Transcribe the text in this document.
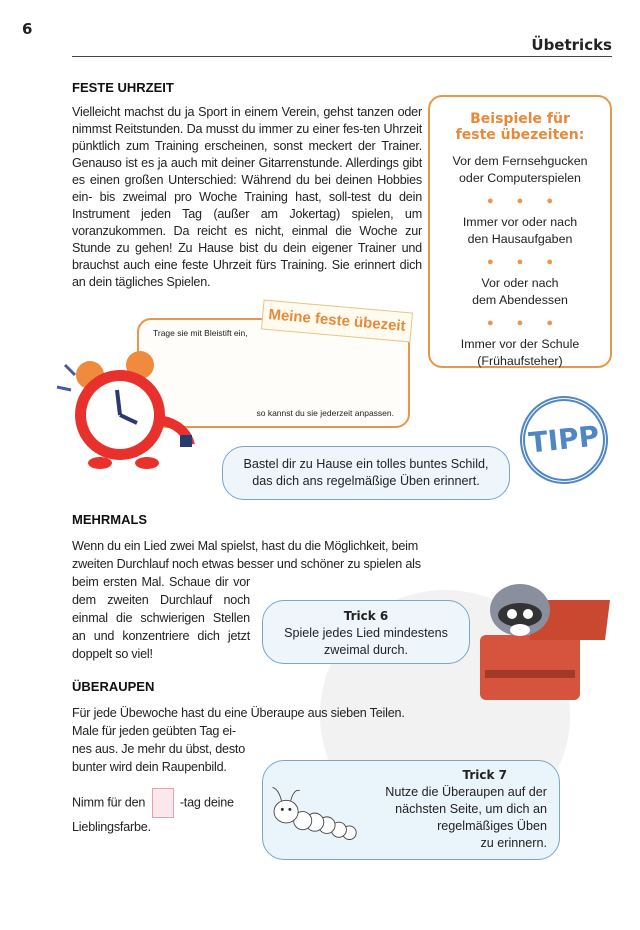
6
Übetricks
FESTE UHRZEIT
Vielleicht machst du ja Sport in einem Verein, gehst tanzen oder nimmst Reitstunden. Da musst du immer zu einer fes-ten Uhrzeit pünktlich zum Training erscheinen, sonst meckert der Trainer. Genauso ist es ja auch mit deiner Gitarrenstunde. Allerdings gibt es einen großen Unterschied: Während du bei deinen Hobbies ein- bis zweimal pro Woche Training hast, soll-test du dein Instrument jeden Tag (außer am Jokertag) spielen, um voranzukommen. Da reicht es nicht, einmal die Woche zur Stunde zu gehen! Zu Hause bist du dein eigener Trainer und brauchst auch eine feste Uhrzeit fürs Training. Sie erinnert dich an dein tägliches Spielen.
Beispiele für
feste übezeiten:
Vor dem Fernsehgucken
oder Computerspielen
● ● ●
Immer vor oder nach
den Hausaufgaben
● ● ●
Vor oder nach
dem Abendessen
● ● ●
Immer vor der Schule
(Frühaufsteher)
Trage sie mit Bleistift ein,
so kannst du sie jederzeit anpassen.
Meine feste übezeit
Bastel dir zu Hause ein tolles buntes Schild,
das dich ans regelmäßige Üben erinnert.
TIPP
MEHRMALS
Wenn du ein Lied zwei Mal spielst, hast du die Möglichkeit, beim zweiten Durchlauf noch etwas besser und schöner zu spielen als
beim ersten Mal. Schaue dir vor dem zweiten Durchlauf noch einmal die schwierigen Stellen an und konzentriere dich jetzt doppelt so viel!
ÜBERAUPEN
Für jede Übewoche hast du eine Überaupe aus sieben Teilen.
Male für jeden geübten Tag ei-nes aus. Je mehr du übst, desto bunter wird dein Raupenbild.
Nimm für den	-tag deine
Lieblingsfarbe.
Trick 6
Spiele jedes Lied mindestens
zweimal durch.
Trick 7
Nutze die Überaupen auf der
nächsten Seite, um dich an
regelmäßiges Üben
zu erinnern.
